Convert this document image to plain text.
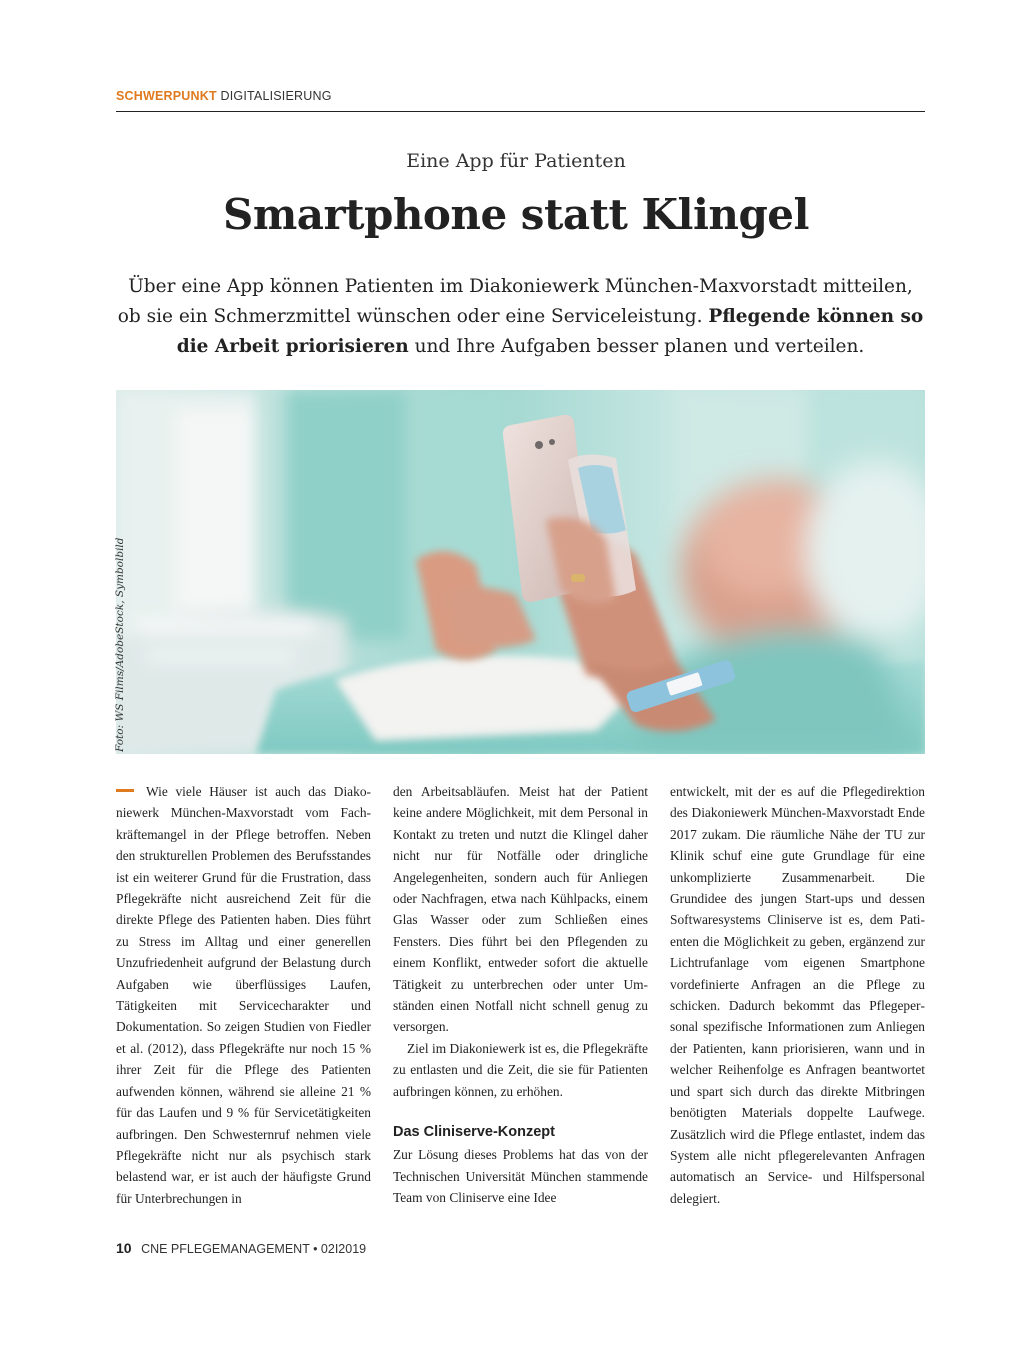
SCHWERPUNKT DIGITALISIERUNG
Eine App für Patienten
Smartphone statt Klingel
Über eine App können Patienten im Diakoniewerk München-Maxvorstadt mitteilen, ob sie ein Schmerzmittel wünschen oder eine Serviceleistung. Pflegende können so die Arbeit priorisieren und Ihre Aufgaben besser planen und verteilen.
Foto: WS Films/AdobeStock, Symbolbild

Wie viele Häuser ist auch das Diakoniewerk München-Maxvorstadt vom Fachkräftemangel in der Pflege betroffen. Neben den strukturellen Problemen des Berufsstandes ist ein weiterer Grund für die Frustration, dass Pflegekräfte nicht ausreichend Zeit für die direkte Pflege des Patienten haben. Dies führt zu Stress im Alltag und einer generellen Unzufriedenheit aufgrund der Belastung durch Aufgaben wie überflüssiges Laufen, Tätigkeiten mit Servicecharakter und Dokumentation. So zeigen Studien von Fiedler et al. (2012), dass Pflegekräfte nur noch 15 % ihrer Zeit für die Pflege des Patienten aufwenden können, während sie alleine 21 % für das Laufen und 9 % für Servicetätigkeiten aufbringen. Den Schwesternruf nehmen viele Pflegekräfte nicht nur als psychisch stark belastend war, er ist auch der häufigste Grund für Unterbrechungen in

den Arbeitsabläufen. Meist hat der Patient keine andere Möglichkeit, mit dem Personal in Kontakt zu treten und nutzt die Klingel daher nicht nur für Notfälle oder dringliche Angelegenheiten, sondern auch für Anliegen oder Nachfragen, etwa nach Kühlpacks, einem Glas Wasser oder zum Schließen eines Fensters. Dies führt bei den Pflegenden zu einem Konflikt, entweder sofort die aktuelle Tätigkeit zu unterbrechen oder unter Umständen einen Notfall nicht schnell genug zu versorgen.

Ziel im Diakoniewerk ist es, die Pflegekräfte zu entlasten und die Zeit, die sie für Patienten aufbringen können, zu erhöhen.

Das Cliniserve-Konzept

Zur Lösung dieses Problems hat das von der Technischen Universität München stammende Team von Cliniserve eine Idee

entwickelt, mit der es auf die Pflegedirektion des Diakoniewerk München-Maxvorstadt Ende 2017 zukam. Die räumliche Nähe der TU zur Klinik schuf eine gute Grundlage für eine unkomplizierte Zusammenarbeit. Die Grundidee des jungen Start-ups und dessen Softwaresystems Cliniserve ist es, dem Patienten die Möglichkeit zu geben, ergänzend zur Lichtrufanlage vom eigenen Smartphone vordefinierte Anfragen an die Pflege zu schicken. Dadurch bekommt das Pflegepersonal spezifische Informationen zum Anliegen der Patienten, kann priorisieren, wann und in welcher Reihenfolge es Anfragen beantwortet und spart sich durch das direkte Mitbringen benötigten Materials doppelte Laufwege. Zusätzlich wird die Pflege entlastet, indem das System alle nicht pflegerelevanten Anfragen automatisch an Service- und Hilfspersonal delegiert.

10 CNE PFLEGEMANAGEMENT • 02I2019
